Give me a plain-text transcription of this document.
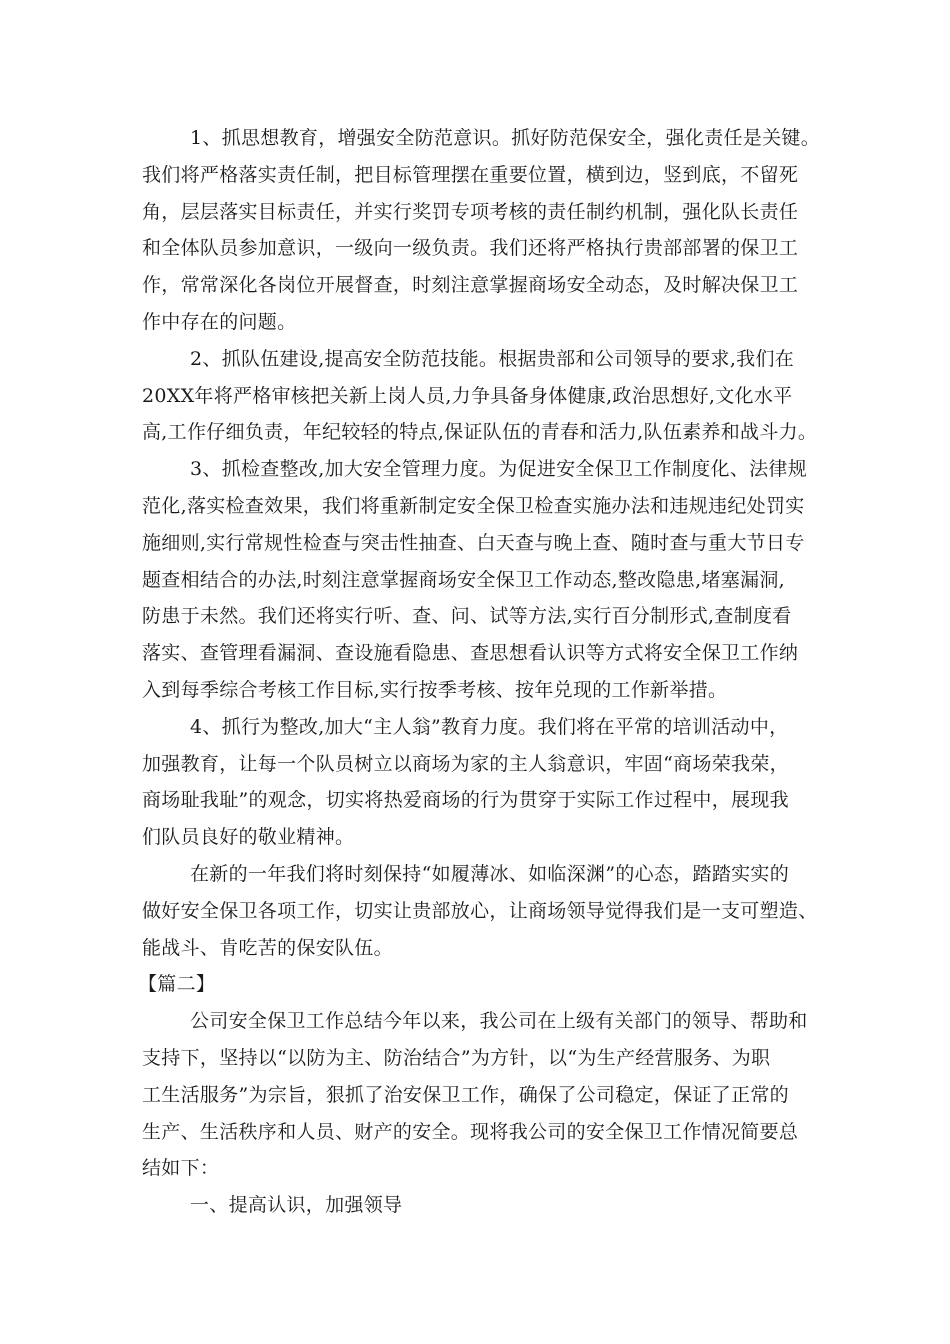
1、抓思想教育，增强安全防范意识。抓好防范保安全，强化责任是关键。
我们将严格落实责任制，把目标管理摆在重要位置，横到边，竖到底，不留死
角，层层落实目标责任，并实行奖罚专项考核的责任制约机制，强化队长责任
和全体队员参加意识，一级向一级负责。我们还将严格执行贵部部署的保卫工
作，常常深化各岗位开展督查，时刻注意掌握商场安全动态，及时解决保卫工
作中存在的问题。
2、抓队伍建设,提高安全防范技能。根据贵部和公司领导的要求,我们在
20XX年将严格审核把关新上岗人员,力争具备身体健康,政治思想好,文化水平
高,工作仔细负责，年纪较轻的特点,保证队伍的青春和活力,队伍素养和战斗力。
3、抓检查整改,加大安全管理力度。为促进安全保卫工作制度化、法律规
范化,落实检查效果，我们将重新制定安全保卫检查实施办法和违规违纪处罚实
施细则,实行常规性检查与突击性抽查、白天查与晚上查、随时查与重大节日专
题查相结合的办法,时刻注意掌握商场安全保卫工作动态,整改隐患,堵塞漏洞,
防患于未然。我们还将实行听、查、问、试等方法,实行百分制形式,查制度看
落实、查管理看漏洞、查设施看隐患、查思想看认识等方式将安全保卫工作纳
入到每季综合考核工作目标,实行按季考核、按年兑现的工作新举措。
4、抓行为整改,加大“主人翁”教育力度。我们将在平常的培训活动中，
加强教育，让每一个队员树立以商场为家的主人翁意识，牢固“商场荣我荣，
商场耻我耻”的观念，切实将热爱商场的行为贯穿于实际工作过程中，展现我
们队员良好的敬业精神。
在新的一年我们将时刻保持“如履薄冰、如临深渊”的心态，踏踏实实的
做好安全保卫各项工作，切实让贵部放心，让商场领导觉得我们是一支可塑造、
能战斗、肯吃苦的保安队伍。
【篇二】
公司安全保卫工作总结今年以来，我公司在上级有关部门的领导、帮助和
支持下，坚持以“以防为主、防治结合”为方针，以“为生产经营服务、为职
工生活服务”为宗旨，狠抓了治安保卫工作，确保了公司稳定，保证了正常的
生产、生活秩序和人员、财产的安全。现将我公司的安全保卫工作情况简要总
结如下：
一、提高认识，加强领导
